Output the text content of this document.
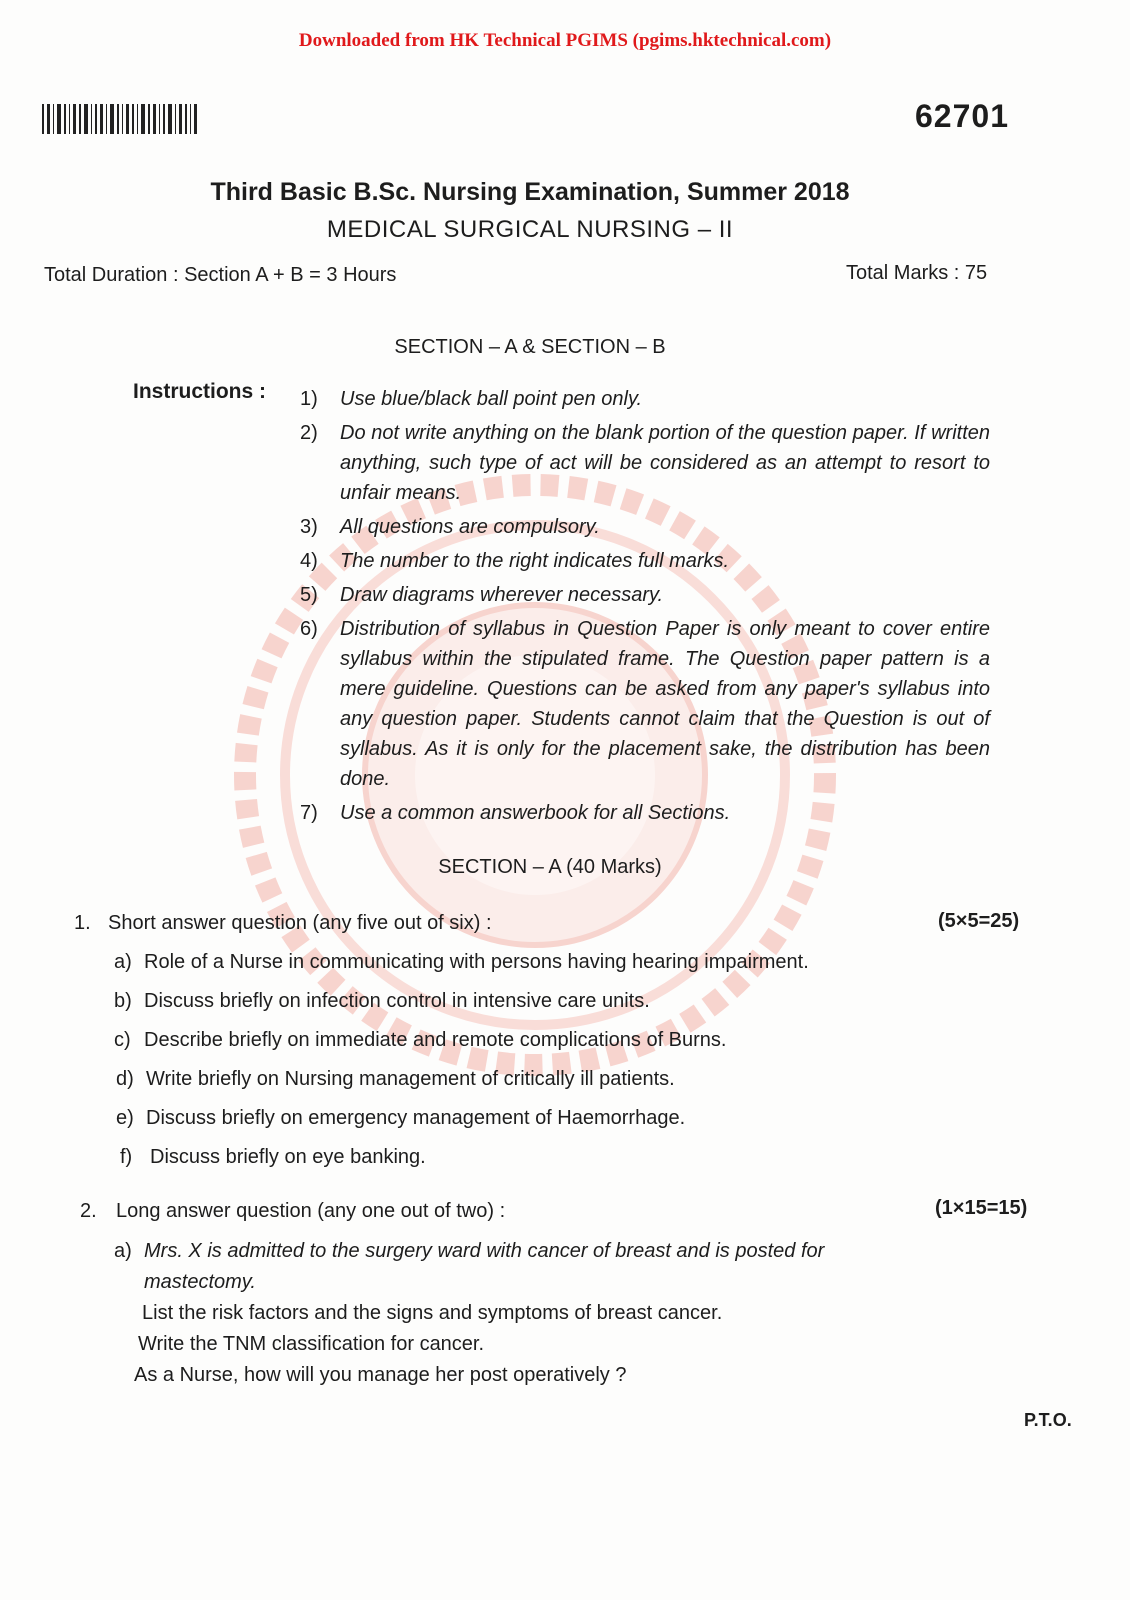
Downloaded from HK Technical PGIMS (pgims.hktechnical.com)
62701
Third Basic B.Sc. Nursing Examination, Summer 2018
MEDICAL SURGICAL NURSING – II
Total Duration : Section A + B = 3 Hours	Total Marks : 75
SECTION – A & SECTION – B
Instructions : 1)	Use blue/black ball point pen only.
2)	Do not write anything on the blank portion of the question paper. If written anything, such type of act will be considered as an attempt to resort to unfair means.
3)	All questions are compulsory.
4)	The number to the right indicates full marks.
5)	Draw diagrams wherever necessary.
6)	Distribution of syllabus in Question Paper is only meant to cover entire syllabus within the stipulated frame. The Question paper pattern is a mere guideline. Questions can be asked from any paper's syllabus into any question paper. Students cannot claim that the Question is out of syllabus. As it is only for the placement sake, the distribution has been done.
7)	Use a common answerbook for all Sections.
SECTION – A (40 Marks)
1. Short answer question (any five out of six) :	(5×5=25)
a) Role of a Nurse in communicating with persons having hearing impairment.
b) Discuss briefly on infection control in intensive care units.
c) Describe briefly on immediate and remote complications of Burns.
d) Write briefly on Nursing management of critically ill patients.
e) Discuss briefly on emergency management of Haemorrhage.
f) Discuss briefly on eye banking.
2. Long answer question (any one out of two) :	(1×15=15)
a) Mrs. X is admitted to the surgery ward with cancer of breast and is posted for
mastectomy.
List the risk factors and the signs and symptoms of breast cancer.
Write the TNM classification for cancer.
As a Nurse, how will you manage her post operatively ?
P.T.O.
